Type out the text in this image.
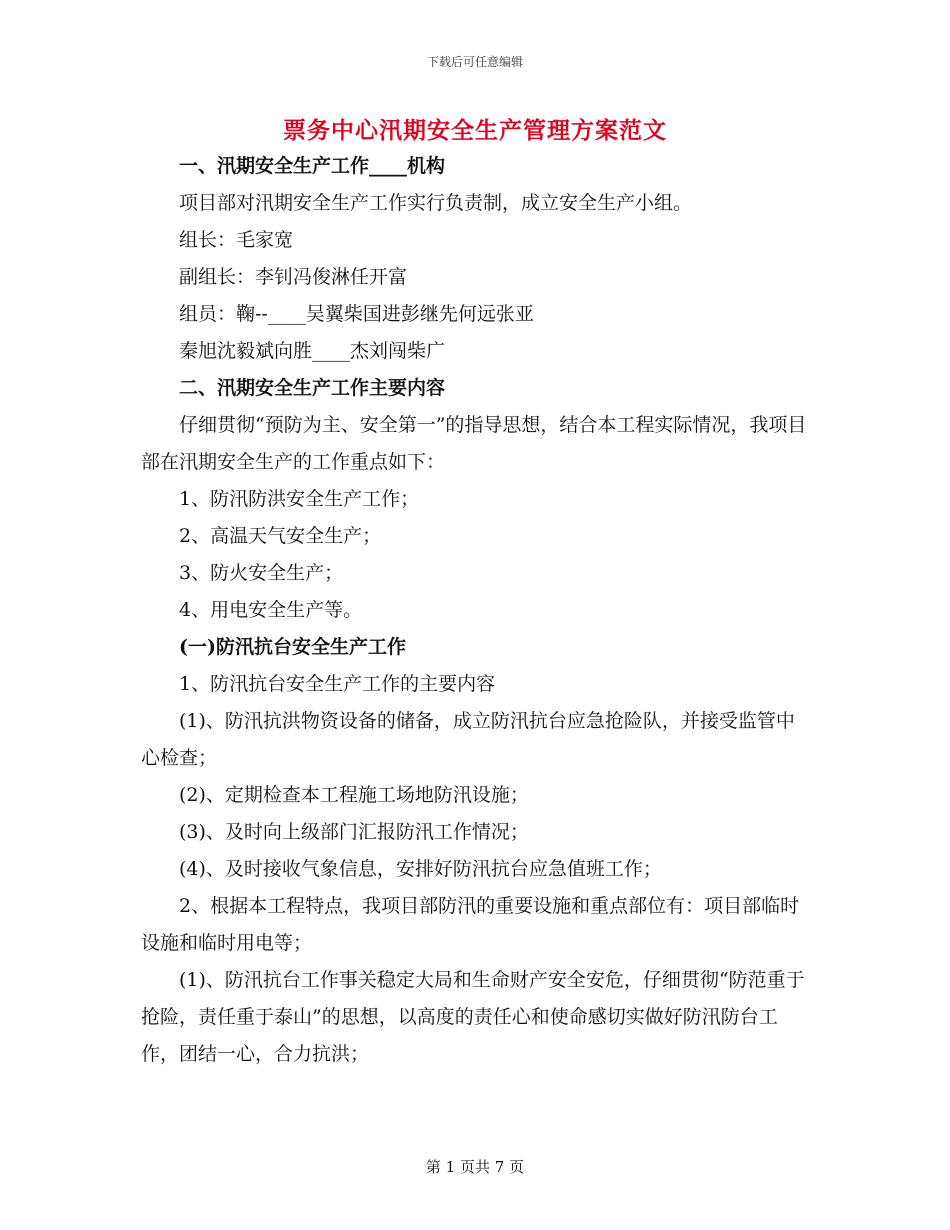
下载后可任意编辑
票务中心汛期安全生产管理方案范文

一、汛期安全生产工作____机构

项目部对汛期安全生产工作实行负责制，成立安全生产小组。

组长：毛家宽

副组长：李钊冯俊淋任开富

组员：鞠--____吴翼柴国进彭继先何远张亚

秦旭沈毅斌向胜____杰刘闯柴广

二、汛期安全生产工作主要内容

仔细贯彻“预防为主、安全第一”的指导思想，结合本工程实际情况，我项目部在汛期安全生产的工作重点如下：

1、防汛防洪安全生产工作；

2、高温天气安全生产；

3、防火安全生产；

4、用电安全生产等。

(一)防汛抗台安全生产工作

1、防汛抗台安全生产工作的主要内容

(1)、防汛抗洪物资设备的储备，成立防汛抗台应急抢险队，并接受监管中心检查；

(2)、定期检查本工程施工场地防汛设施；

(3)、及时向上级部门汇报防汛工作情况；

(4)、及时接收气象信息，安排好防汛抗台应急值班工作；

2、根据本工程特点，我项目部防汛的重要设施和重点部位有：项目部临时设施和临时用电等；

(1)、防汛抗台工作事关稳定大局和生命财产安全安危，仔细贯彻“防范重于抢险，责任重于泰山”的思想，以高度的责任心和使命感切实做好防汛防台工作，团结一心，合力抗洪；

第 1 页共 7 页
